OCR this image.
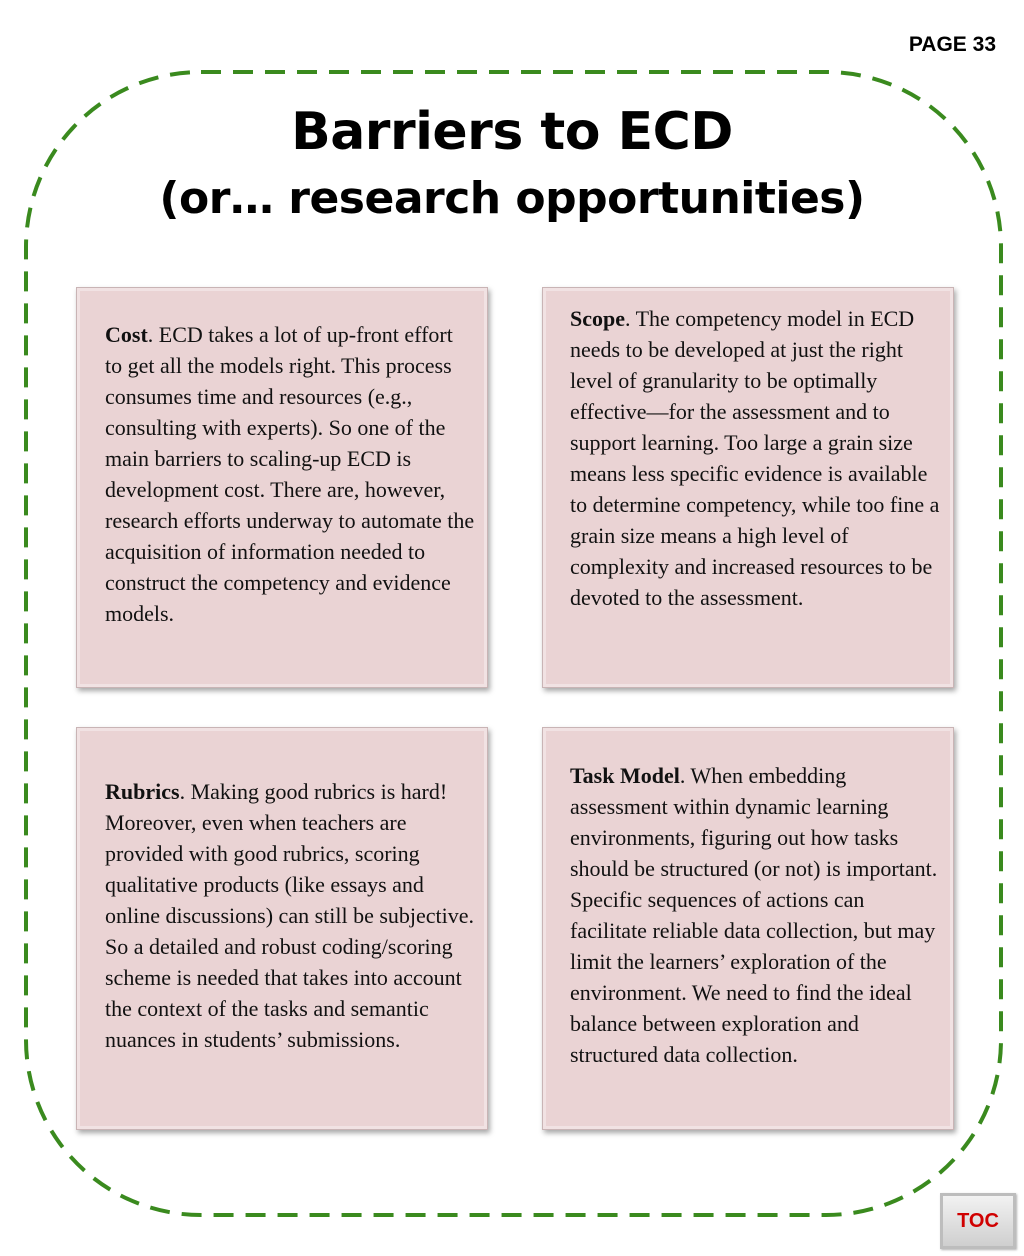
PAGE 33
Barriers to ECD
(or… research opportunities)
Cost. ECD takes a lot of up-front effort to get all the models right. This process consumes time and resources (e.g., consulting with experts). So one of the main barriers to scaling-up ECD is development cost. There are, however, research efforts underway to automate the acquisition of information needed to construct the competency and evidence models.
Scope. The competency model in ECD needs to be developed at just the right level of granularity to be optimally effective—for the assessment and to support learning. Too large a grain size means less specific evidence is available to determine competency, while too fine a grain size means a high level of complexity and increased resources to be devoted to the assessment.
Rubrics. Making good rubrics is hard! Moreover, even when teachers are provided with good rubrics, scoring qualitative products (like essays and online discussions) can still be subjective. So a detailed and robust coding/scoring scheme is needed that takes into account the context of the tasks and semantic nuances in students’ submissions.
Task Model. When embedding assessment within dynamic learning environments, figuring out how tasks should be structured (or not) is important. Specific sequences of actions can facilitate reliable data collection, but may limit the learners’ exploration of the environment. We need to find the ideal balance between exploration and structured data collection.
TOC
